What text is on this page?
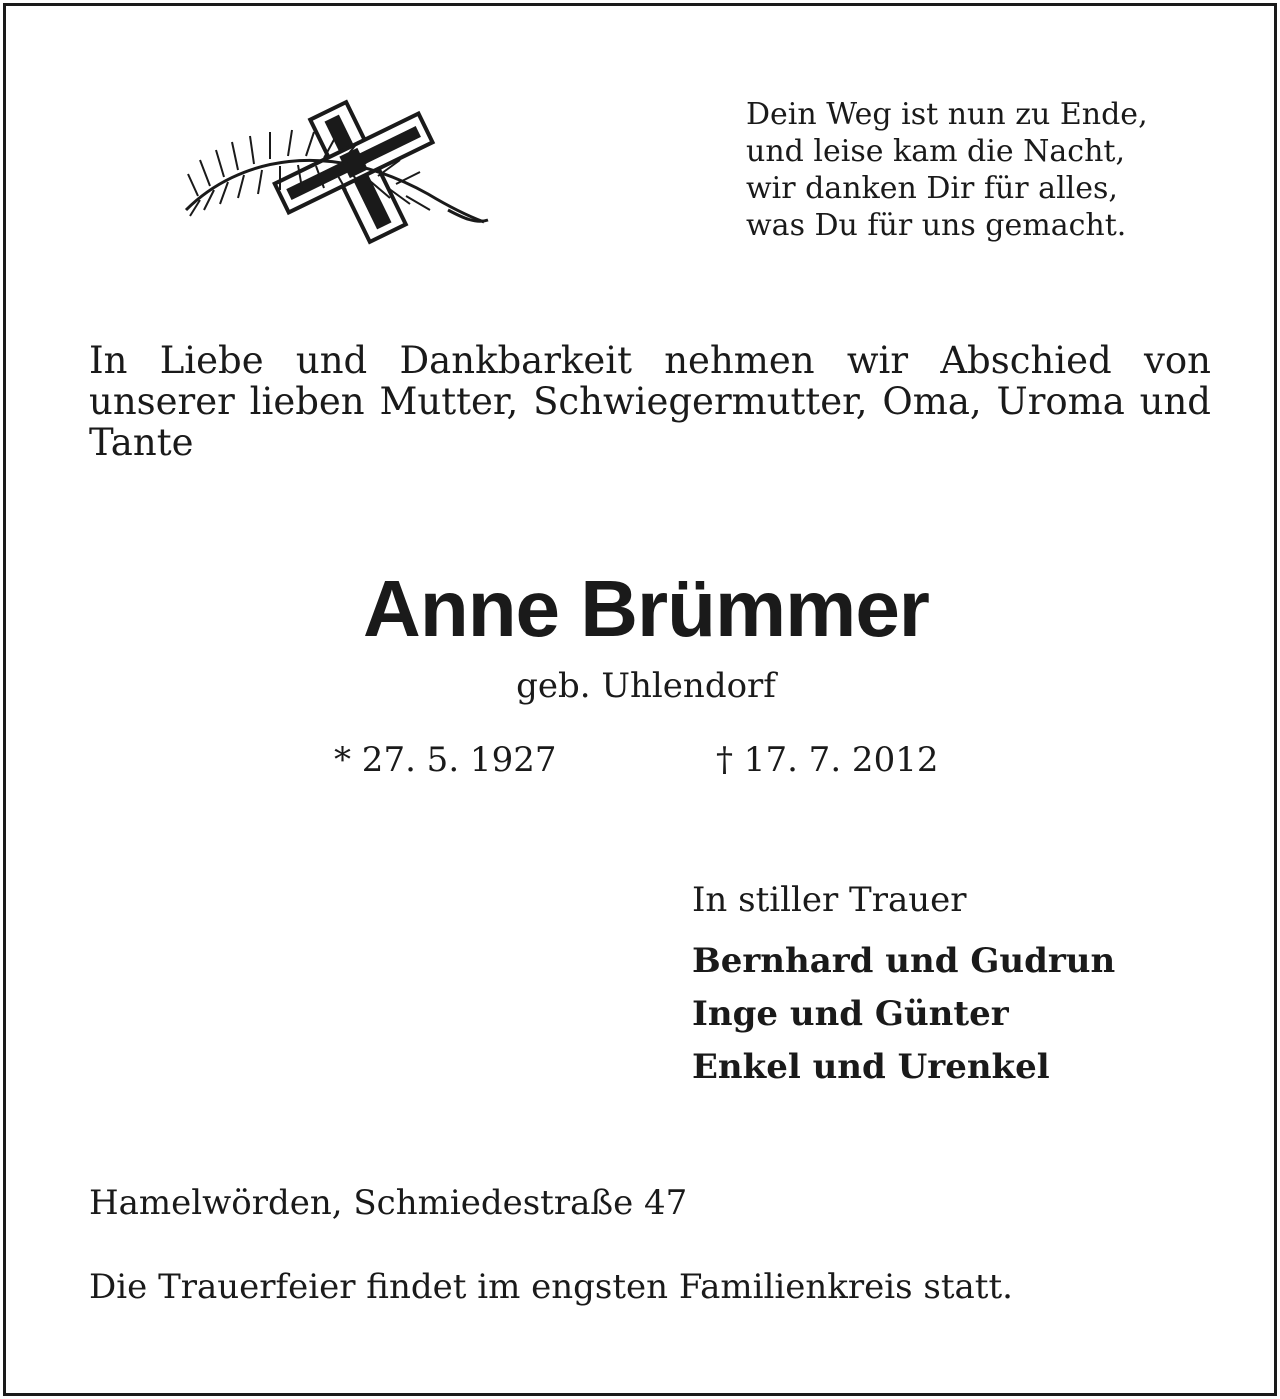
Dein Weg ist nun zu Ende,
und leise kam die Nacht,
wir danken Dir für alles,
was Du für uns gemacht.
In Liebe und Dankbarkeit nehmen wir Abschied von unserer lieben Mutter, Schwiegermutter, Oma, Uroma und Tante
Anne Brümmer
geb. Uhlendorf
* 27. 5. 1927	† 17. 7. 2012
In stiller Trauer
Bernhard und Gudrun
Inge und Günter
Enkel und Urenkel
Hamelwörden, Schmiedestraße 47
Die Trauerfeier findet im engsten Familienkreis statt.
